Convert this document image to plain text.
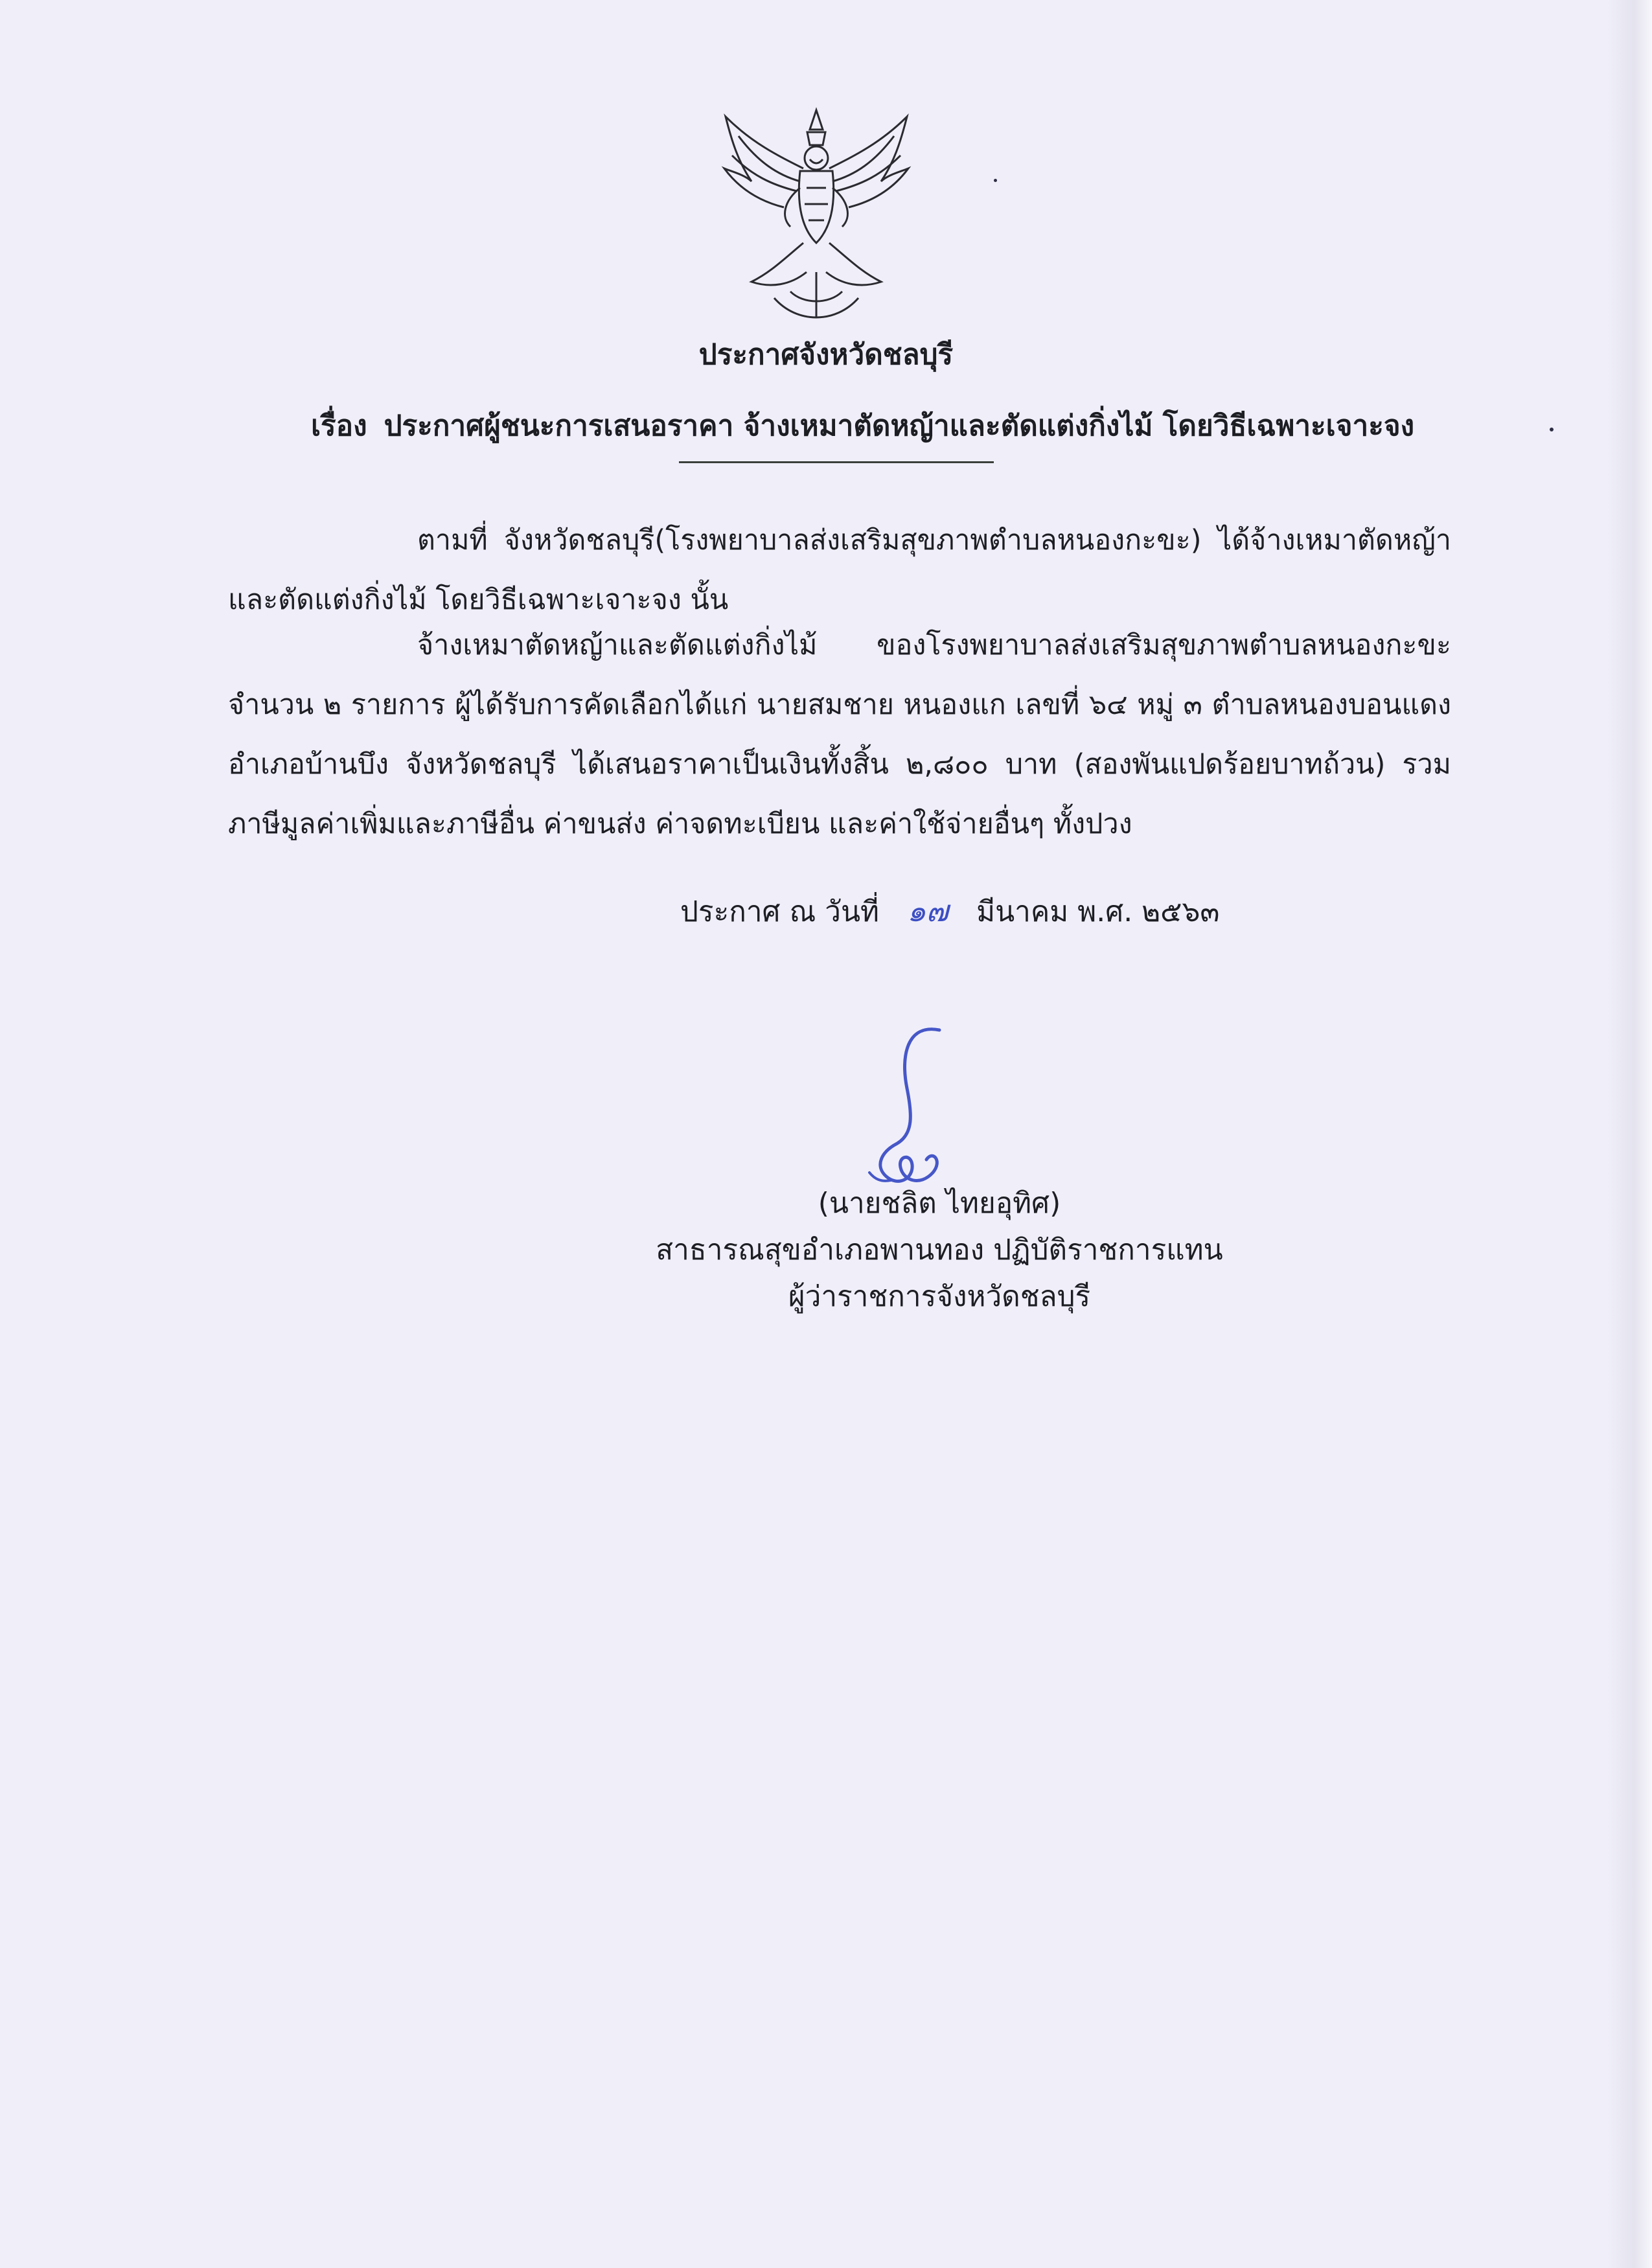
ประกาศจังหวัดชลบุรี
เรื่อง ประกาศผู้ชนะการเสนอราคา จ้างเหมาตัดหญ้าและตัดแต่งกิ่งไม้ โดยวิธีเฉพาะเจาะจง
ตามที่ จังหวัดชลบุรี(โรงพยาบาลส่งเสริมสุขภาพตำบลหนองกะขะ) ได้จ้างเหมาตัดหญ้าและตัดแต่งกิ่งไม้ โดยวิธีเฉพาะเจาะจง นั้น
จ้างเหมาตัดหญ้าและตัดแต่งกิ่งไม้ ของโรงพยาบาลส่งเสริมสุขภาพตำบลหนองกะขะ จำนวน ๒ รายการ ผู้ได้รับการคัดเลือกได้แก่ นายสมชาย หนองแก เลขที่ ๖๔ หมู่ ๓ ตำบลหนองบอนแดง อำเภอบ้านบึง จังหวัดชลบุรี ได้เสนอราคาเป็นเงินทั้งสิ้น ๒,๘๐๐ บาท (สองพันแปดร้อยบาทถ้วน) รวมภาษีมูลค่าเพิ่มและภาษีอื่น ค่าขนส่ง ค่าจดทะเบียน และค่าใช้จ่ายอื่นๆ ทั้งปวง
ประกาศ ณ วันที่ ๑๗ มีนาคม พ.ศ. ๒๕๖๓
(นายชลิต ไทยอุทิศ)
สาธารณสุขอำเภอพานทอง ปฏิบัติราชการแทน
ผู้ว่าราชการจังหวัดชลบุรี
